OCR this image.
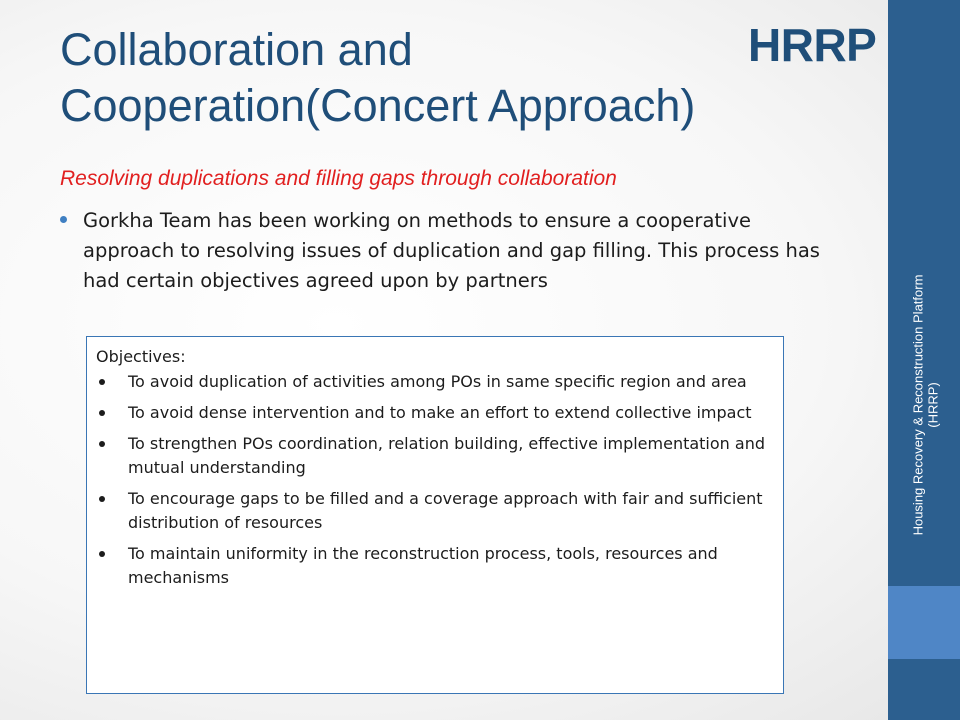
Collaboration and
Cooperation(Concert Approach)
HRRP
Resolving duplications and filling gaps through collaboration
Gorkha Team has been working on methods to ensure a cooperative approach to resolving issues of duplication and gap filling. This process has had certain objectives agreed upon by partners
Objectives:
To avoid duplication of activities among POs in same specific region and area
To avoid dense intervention and to make an effort to extend collective impact
To strengthen POs coordination, relation building, effective implementation and mutual understanding
To encourage gaps to be filled and a coverage approach with fair and sufficient distribution of resources
To maintain uniformity in the reconstruction process, tools, resources and mechanisms
Housing Recovery & Reconstruction Platform (HRRP)
